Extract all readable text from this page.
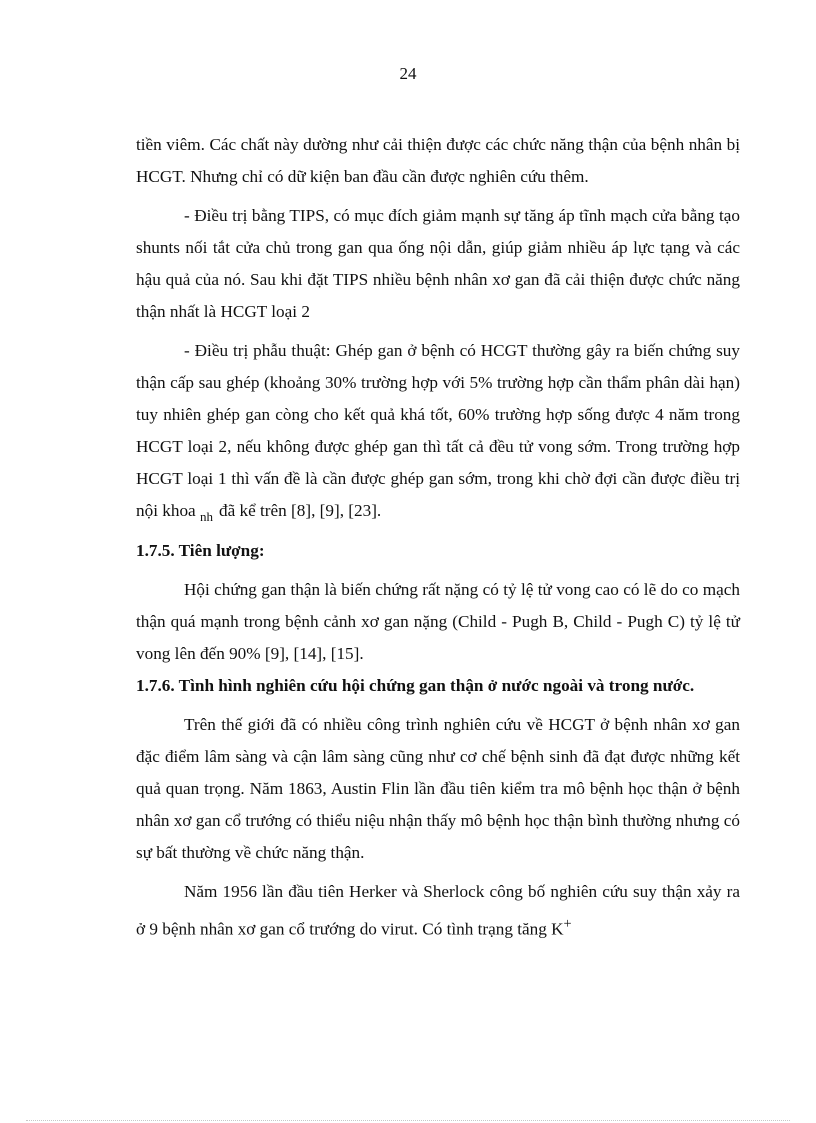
24

tiền viêm. Các chất này dường như cải thiện được các chức năng thận của bệnh nhân bị HCGT. Nhưng chỉ có dữ kiện ban đầu cần được nghiên cứu thêm.

- Điều trị bằng TIPS, có mục đích giảm mạnh sự tăng áp tĩnh mạch cửa bằng tạo shunts nối tắt cửa chủ trong gan qua ống nội dẫn, giúp giảm nhiều áp lực tạng và các hậu quả của nó. Sau khi đặt TIPS nhiều bệnh nhân xơ gan đã cải thiện được chức năng thận nhất là HCGT loại 2

- Điều trị phẫu thuật: Ghép gan ở bệnh có HCGT thường gây ra biến chứng suy thận cấp sau ghép (khoảng 30% trường hợp với 5% trường hợp cần thẩm phân dài hạn) tuy nhiên ghép gan còng cho kết quả khá tốt, 60% trường hợp sống được 4 năm trong HCGT loại 2, nếu không được ghép gan thì tất cả đều tử vong sớm. Trong trường hợp HCGT loại 1 thì vấn đề là cần được ghép gan sớm, trong khi chờ đợi cần được điều trị nội khoa $_{nh}$ đã kể trên [8], [9], [23].

1.7.5. Tiên lượng:

Hội chứng gan thận là biến chứng rất nặng có tỷ lệ tử vong cao có lẽ do co mạch thận quá mạnh trong bệnh cảnh xơ gan nặng (Child - Pugh B, Child - Pugh C) tỷ lệ tử vong lên đến 90% [9], [14], [15].

1.7.6. Tình hình nghiên cứu hội chứng gan thận ở nước ngoài và trong nước.

Trên thế giới đã có nhiều công trình nghiên cứu về HCGT ở bệnh nhân xơ gan đặc điểm lâm sàng và cận lâm sàng cũng như cơ chế bệnh sinh đã đạt được những kết quả quan trọng. Năm 1863, Austin Flin lần đầu tiên kiểm tra mô bệnh học thận ở bệnh nhân xơ gan cổ trướng có thiểu niệu nhận thấy mô bệnh học thận bình thường nhưng có sự bất thường về chức năng thận.

Năm 1956 lần đầu tiên Herker và Sherlock công bố nghiên cứu suy thận xảy ra ở 9 bệnh nhân xơ gan cổ trướng do virut. Có tình trạng tăng K+
